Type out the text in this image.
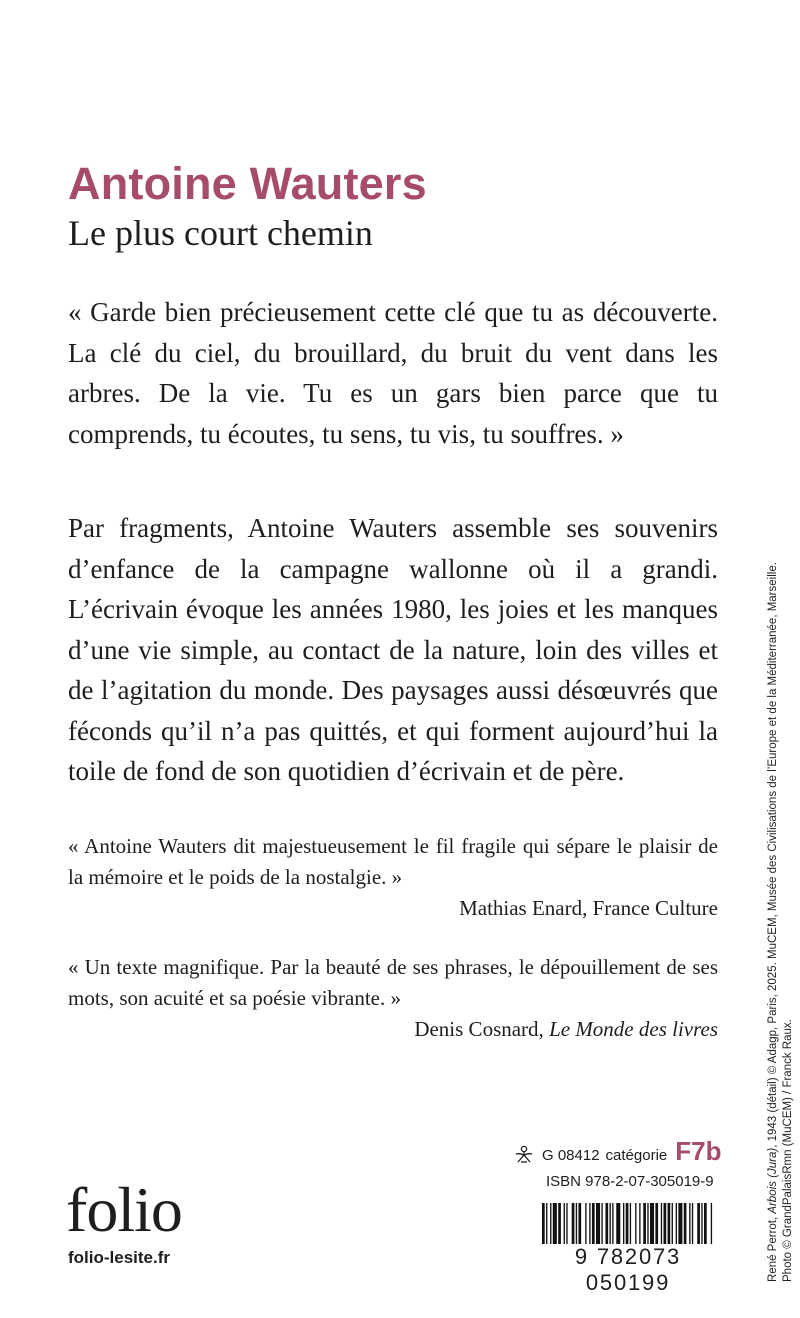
Antoine Wauters
Le plus court chemin

« Garde bien précieusement cette clé que tu as découverte. La clé du ciel, du brouillard, du bruit du vent dans les arbres. De la vie. Tu es un gars bien parce que tu comprends, tu écoutes, tu sens, tu vis, tu souffres. »

Par fragments, Antoine Wauters assemble ses souvenirs d’enfance de la campagne wallonne où il a grandi. L’écrivain évoque les années 1980, les joies et les manques d’une vie simple, au contact de la nature, loin des villes et de l’agitation du monde. Des paysages aussi désœuvrés que féconds qu’il n’a pas quittés, et qui forment aujourd’hui la toile de fond de son quotidien d’écrivain et de père.

« Antoine Wauters dit majestueusement le fil fragile qui sépare le plaisir de la mémoire et le poids de la nostalgie. »

Mathias Enard, France Culture

« Un texte magnifique. Par la beauté de ses phrases, le dépouillement de ses mots, son acuité et sa poésie vibrante. »

Denis Cosnard, Le Monde des livres

G 08412 catégorie F7b
ISBN 978-2-07-305019-9
9 782073 050199
folio
folio-lesite.fr	René Perrot, Arbois (Jura), 1943 (détail) © Adagp, Paris, 2025. MuCEM, Musée des Civilisations de l’Europe et de la Méditerranée, Marseille.
Photo © GrandPalaisRmn (MuCEM) / Franck Raux.
